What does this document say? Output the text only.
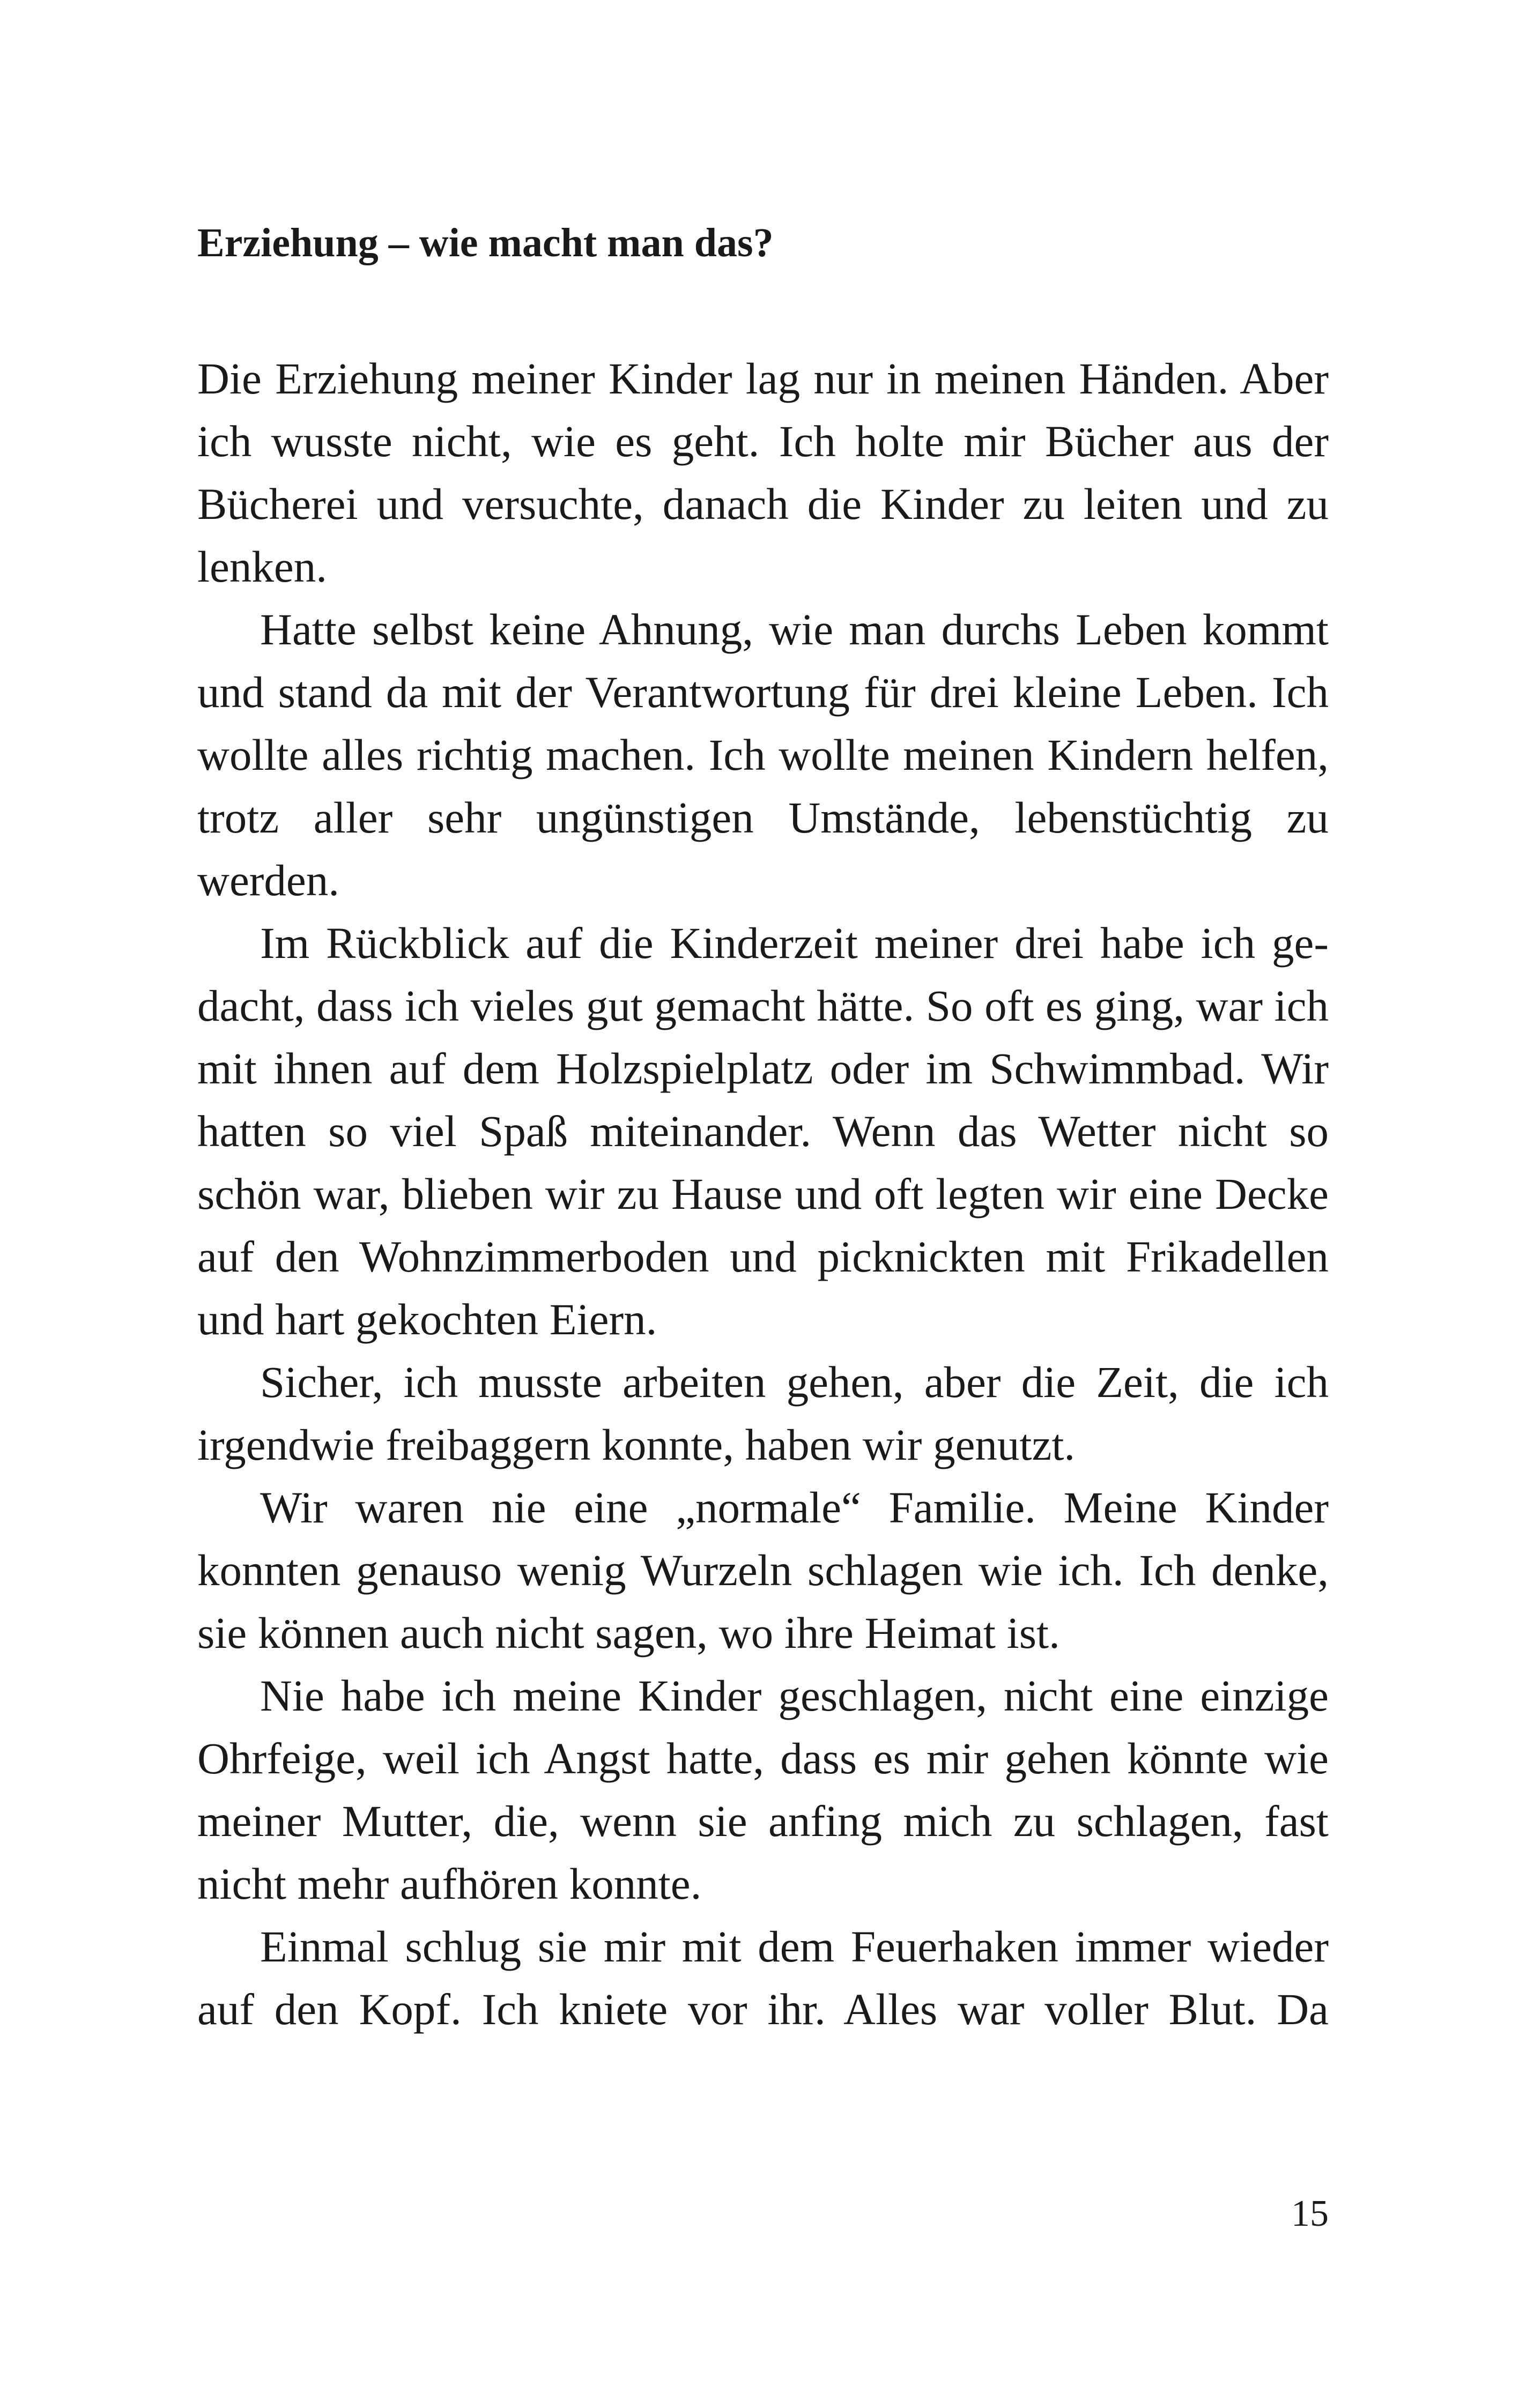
Erziehung – wie macht man das?

Die Erziehung meiner Kinder lag nur in meinen Händen. Aber ich wusste nicht, wie es geht. Ich holte mir Bücher aus der Bücherei und versuchte, danach die Kinder zu leiten und zu lenken.

Hatte selbst keine Ahnung, wie man durchs Leben kommt und stand da mit der Verantwortung für drei kleine Leben. Ich wollte alles richtig machen. Ich wollte meinen Kindern helfen, trotz aller sehr ungünstigen Umstände, lebenstüchtig zu werden.

Im Rückblick auf die Kinderzeit meiner drei habe ich gedacht, dass ich vieles gut gemacht hätte. So oft es ging, war ich mit ihnen auf dem Holzspielplatz oder im Schwimmbad. Wir hatten so viel Spaß miteinander. Wenn das Wetter nicht so schön war, blieben wir zu Hause und oft legten wir eine Decke auf den Wohnzimmerboden und picknickten mit Frikadellen und hart gekochten Eiern.

Sicher, ich musste arbeiten gehen, aber die Zeit, die ich irgendwie freibaggern konnte, haben wir genutzt.

Wir waren nie eine „normale“ Familie. Meine Kinder konnten genauso wenig Wurzeln schlagen wie ich. Ich denke, sie können auch nicht sagen, wo ihre Heimat ist.

Nie habe ich meine Kinder geschlagen, nicht eine einzige Ohrfeige, weil ich Angst hatte, dass es mir gehen könnte wie meiner Mutter, die, wenn sie anfing mich zu schlagen, fast nicht mehr aufhören konnte.

Einmal schlug sie mir mit dem Feuerhaken immer wieder auf den Kopf. Ich kniete vor ihr. Alles war voller Blut. Da

15
